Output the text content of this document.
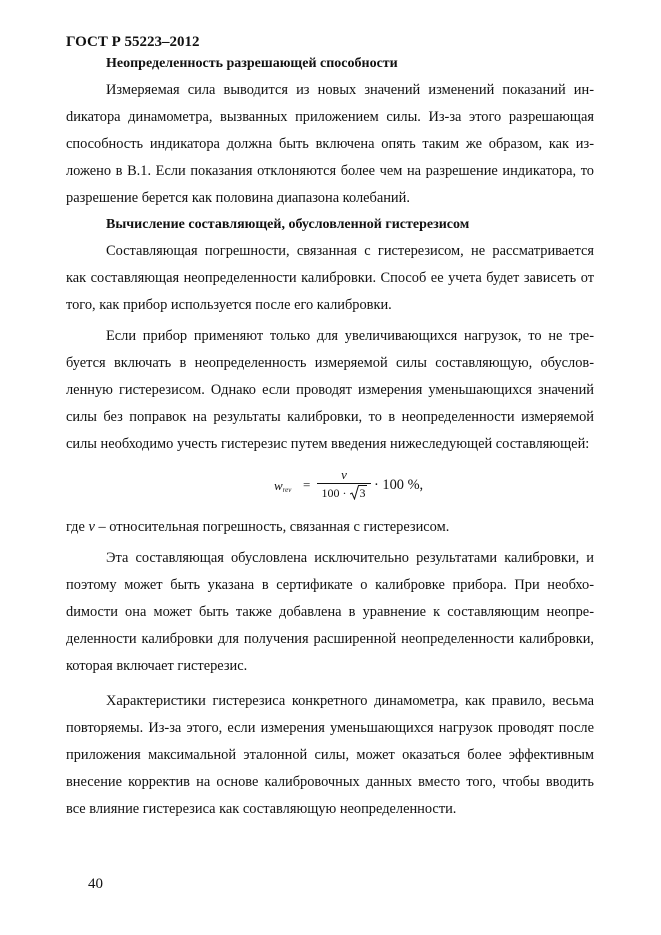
ГОСТ Р 55223–2012
Неопределенность разрешающей способности

Измеряемая сила выводится из новых значений изменений показаний инdикатора динамометра, вызванных приложением силы. Из-за этого разрешающая способность индикатора должна быть включена опять таким же образом, как изложено в В.1. Если показания отклоняются более чем на разрешение индикатора, то разрешение берется как половина диапазона колебаний.

Вычисление составляющей, обусловленной гистерезисом

Составляющая погрешности, связанная с гистерезисом, не рассматривается как составляющая неопределенности калибровки. Способ ее учета будет зависеть от того, как прибор используется после его калибровки.

Если прибор применяют только для увеличивающихся нагрузок, то не требуется включать в неопределенность измеряемой силы составляющую, обусловленную гистерезисом. Однако если проводят измерения уменьшающихся значений силы без поправок на результаты калибровки, то в неопределенности измеряемой силы необходимо учесть гистерезис путем введения нижеследующей составляющей:

$w_{rev}$ =
v
100 ·
3 · 100 %,

где v – относительная погрешность, связанная с гистерезисом.

Эта составляющая обусловлена исключительно результатами калибровки, и поэтому может быть указана в сертификате о калибровке прибора. При необхоdимости она может быть также добавлена в уравнение к составляющим неопределенности калибровки для получения расширенной неопределенности калибровки, которая включает гистерезис.

Характеристики гистерезиса конкретного динамометра, как правило, весьма повторяемы. Из-за этого, если измерения уменьшающихся нагрузок проводят после приложения максимальной эталонной силы, может оказаться более эффективным внесение корректив на основе калибровочных данных вместо того, чтобы вводить все влияние гистерезиса как составляющую неопределенности.

40
